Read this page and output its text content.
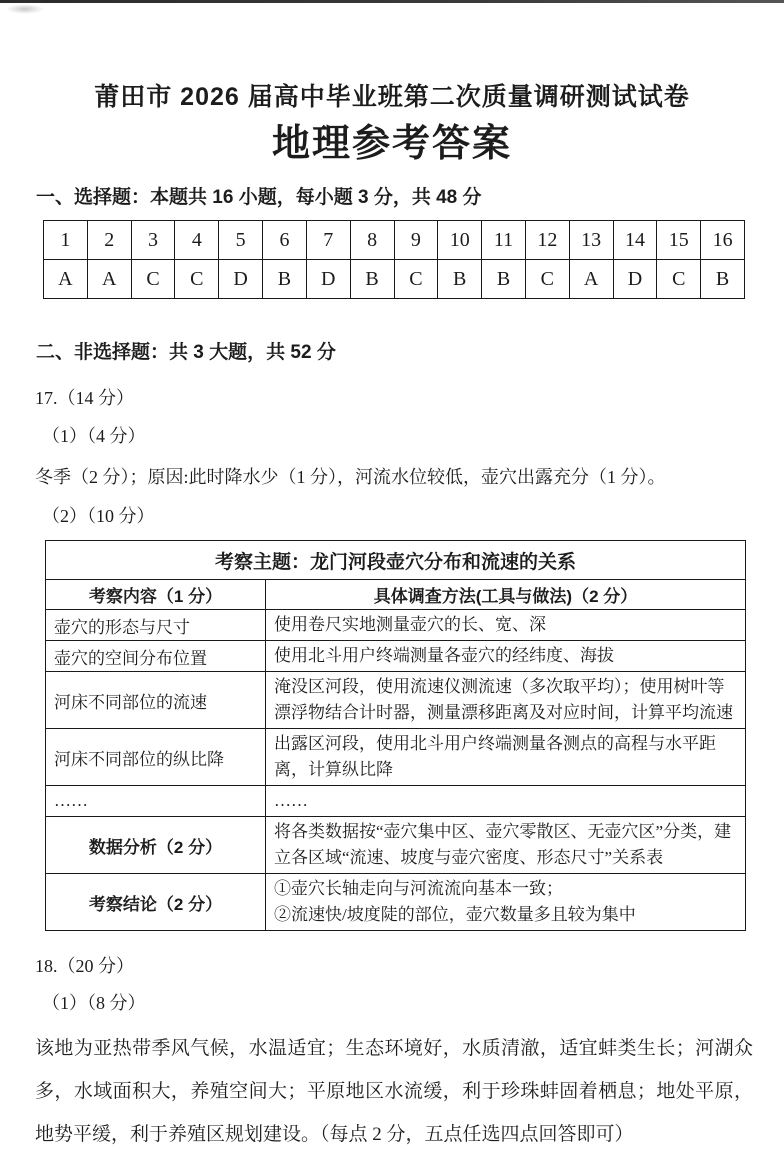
莆田市 2026 届高中毕业班第二次质量调研测试试卷
地理参考答案
一、选择题：本题共 16 小题，每小题 3 分，共 48 分
1	2	3	4	5	6	7	8	9	10	11	12	13	14	15	16
A	A	C	C	D	B	D	B	C	B	B	C	A	D	C	B
二、非选择题：共 3 大题，共 52 分
17.（14 分）
（1）（4 分）
冬季（2 分）；原因:此时降水少（1 分），河流水位较低，壶穴出露充分（1 分）。
（2）（10 分）
考察主题：龙门河段壶穴分布和流速的关系	
考察内容（1 分）	具体调查方法(工具与做法)（2 分）
壶穴的形态与尺寸	使用卷尺实地测量壶穴的长、宽、深

壶穴的空间分布位置	使用北斗用户终端测量各壶穴的经纬度、海拔

河床不同部位的流速	淹没区河段，使用流速仪测流速（多次取平均）；使用树叶等漂浮物结合计时器，测量漂移距离及对应时间，计算平均流速

河床不同部位的纵比降	出露区河段，使用北斗用户终端测量各测点的高程与水平距离，计算纵比降

……	……

数据分析（2 分）	将各类数据按“壶穴集中区、壶穴零散区、无壶穴区”分类，建立各区域“流速、坡度与壶穴密度、形态尺寸”关系表

考察结论（2 分）	①壶穴长轴走向与河流流向基本一致；
②流速快/坡度陡的部位，壶穴数量多且较为集中
18.（20 分）
（1）（8 分）
该地为亚热带季风气候，水温适宜；生态环境好，水质清澈，适宜蚌类生长；河湖众多，水域面积大，养殖空间大；平原地区水流缓，利于珍珠蚌固着栖息；地处平原，地势平缓，利于养殖区规划建设。（每点 2 分，五点任选四点回答即可）
